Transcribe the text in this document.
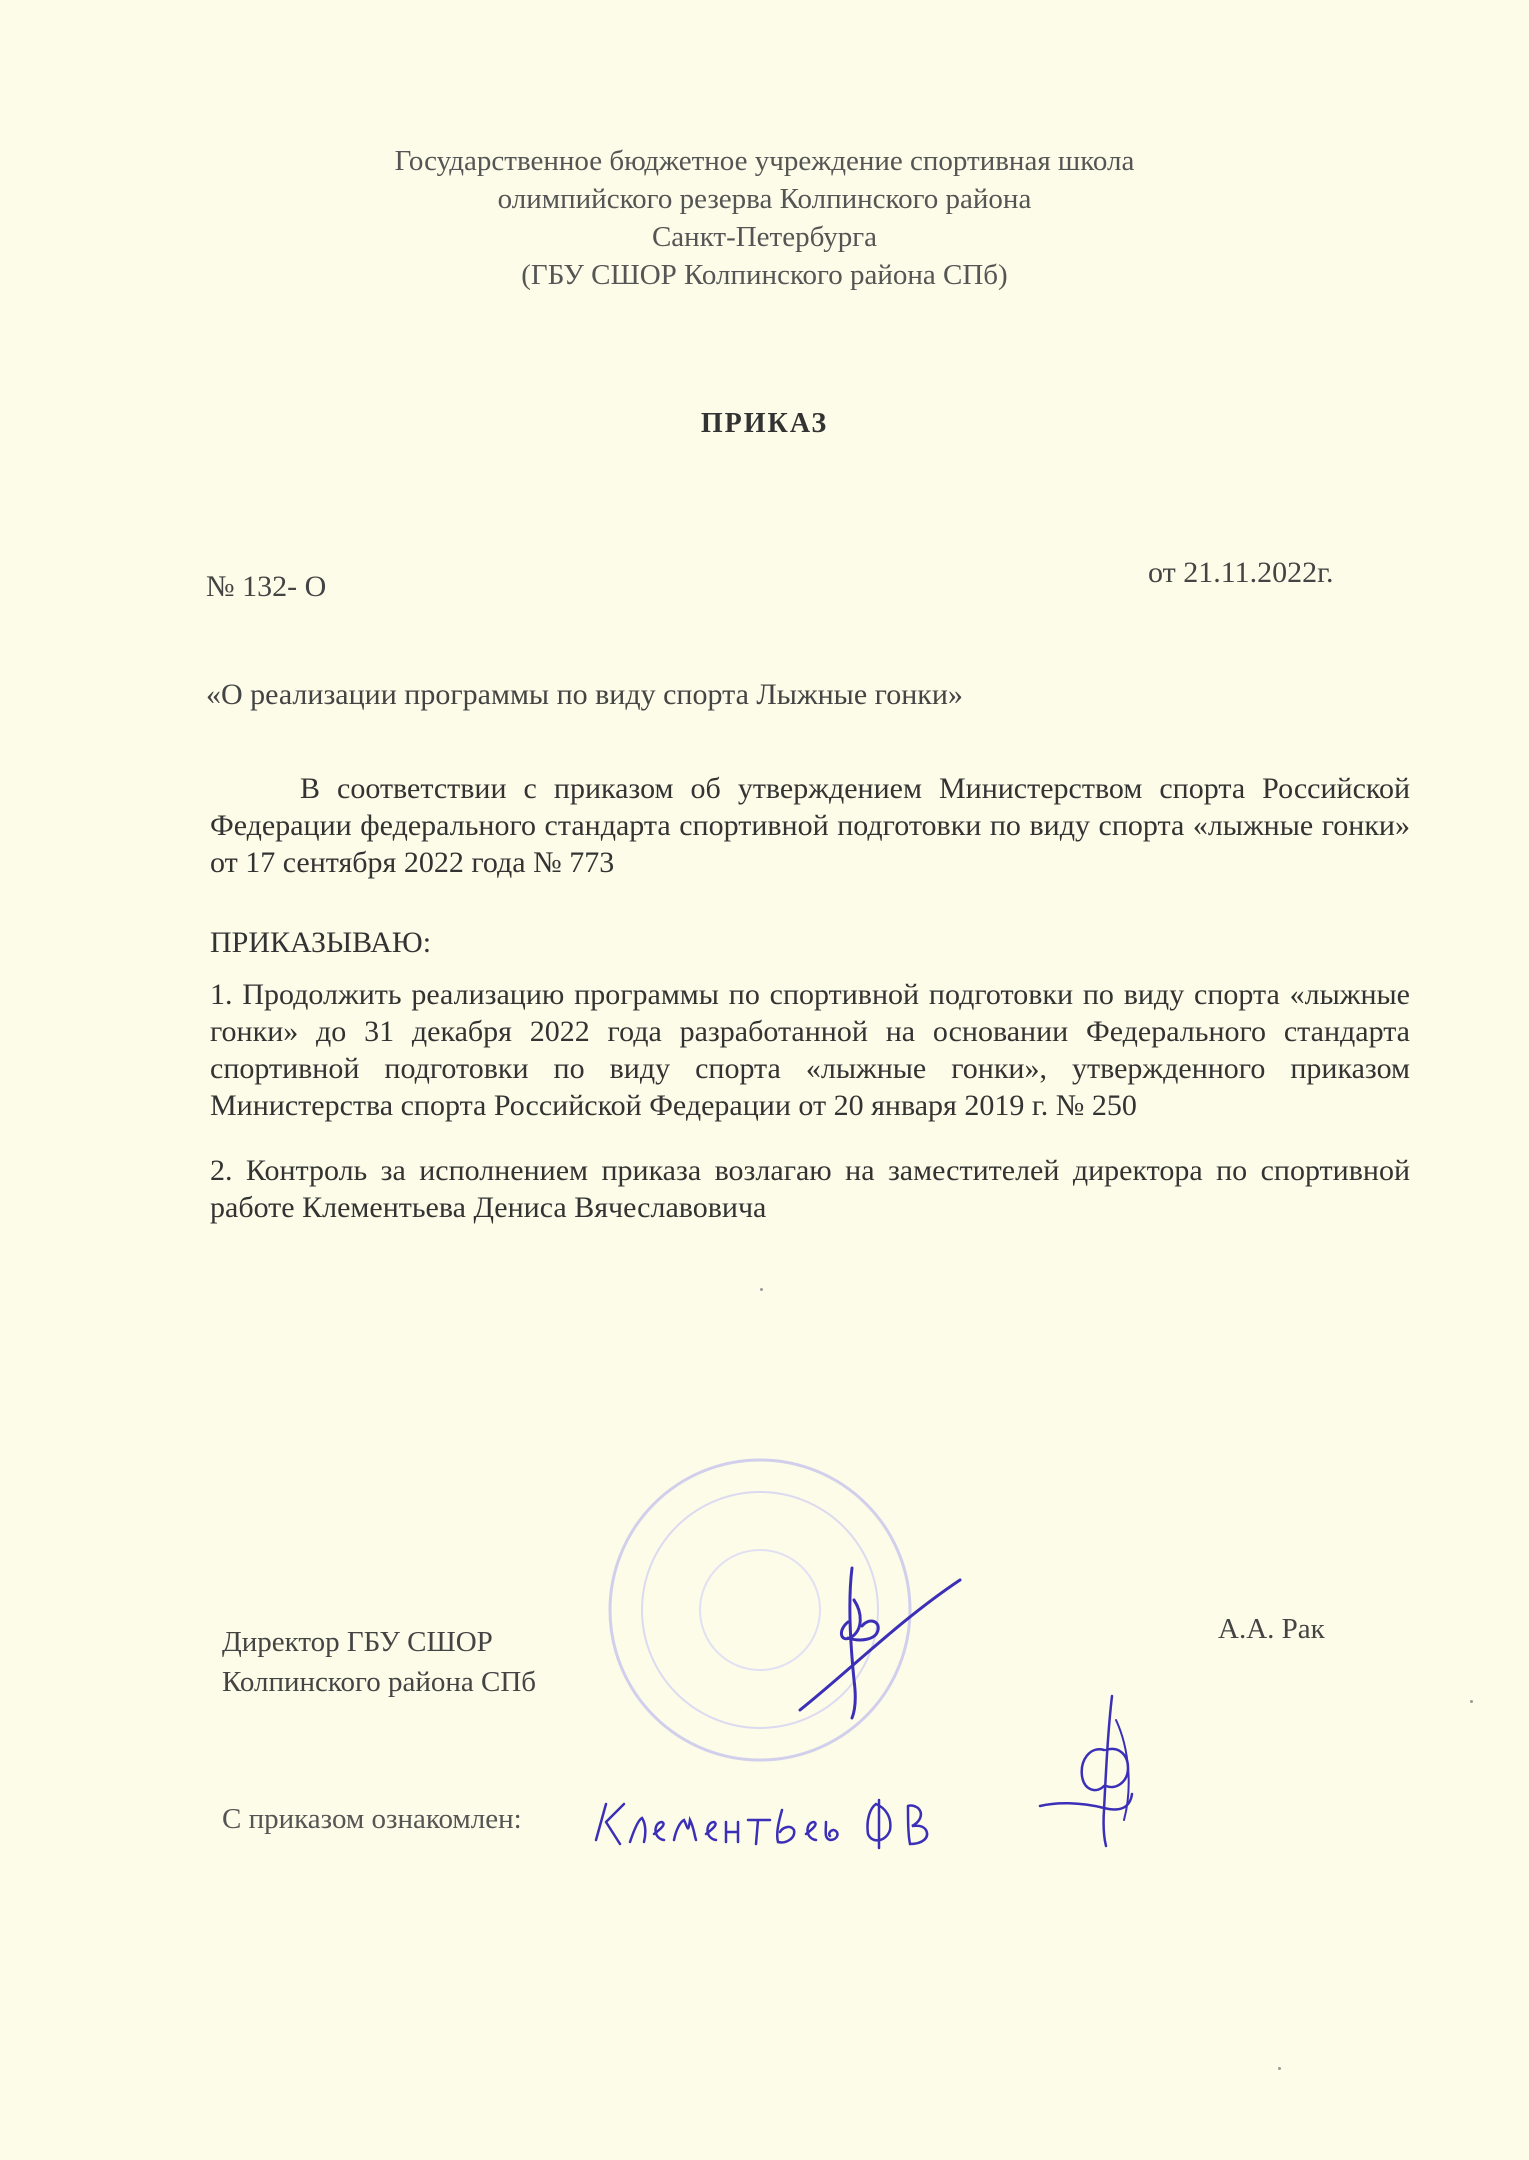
Государственное бюджетное учреждение спортивная школа
олимпийского резерва Колпинского района
Санкт-Петербурга
(ГБУ СШОР Колпинского района СПб)
ПРИКАЗ
№ 132- О	от 21.11.2022г.
«О реализации программы по виду спорта Лыжные гонки»
В соответствии с приказом об утверждением Министерством спорта Российской Федерации федерального стандарта спортивной подготовки по виду спорта «лыжные гонки» от 17 сентября 2022 года № 773
ПРИКАЗЫВАЮ:
1. Продолжить реализацию программы по спортивной подготовки по виду спорта «лыжные гонки» до 31 декабря 2022 года разработанной на основании Федерального стандарта спортивной подготовки по виду спорта «лыжные гонки», утвержденного приказом Министерства спорта Российской Федерации от 20 января 2019 г. № 250
2. Контроль за исполнением приказа возлагаю на заместителей директора по спортивной работе Клементьева Дениса Вячеславовича
Директор ГБУ СШОР
Колпинского района СПб
А.А. Рак
С приказом ознакомлен:
